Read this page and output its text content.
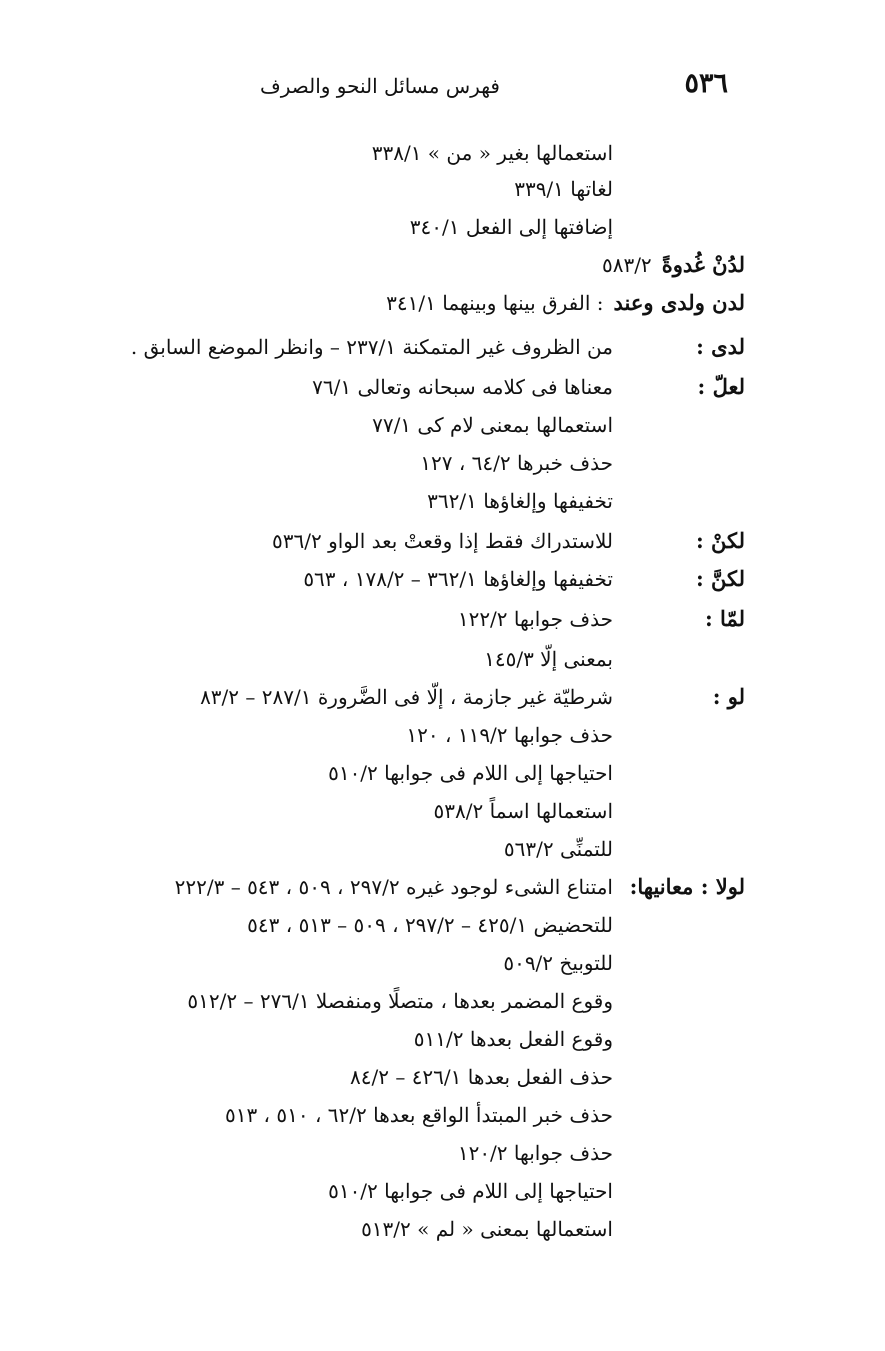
٥٣٦
فهرس مسائل النحو والصرف
استعمالها بغير « من » ٣٣٨/١
لغاتها ٣٣٩/١
إضافتها إلى الفعل ٣٤٠/١
لدُنْ غُدوةً٥٨٣/٢
لدن ولدى وعند: الفرق بينها وبينهما ٣٤١/١
لدى :
من الظروف غير المتمكنة ٢٣٧/١ – وانظر الموضع السابق .
لعلّ :
معناها فى كلامه سبحانه وتعالى ٧٦/١
استعمالها بمعنى لام كى ٧٧/١
حذف خبرها ٦٤/٢ ، ١٢٧
تخفيفها وإلغاؤها ٣٦٢/١
لكنْ :
للاستدراك فقط إذا وقعتْ بعد الواو ٥٣٦/٢
لكنَّ :
تخفيفها وإلغاؤها ٣٦٢/١ – ١٧٨/٢ ، ٥٦٣
لمّا :
حذف جوابها ١٢٢/٢
بمعنى إلّا ١٤٥/٣
لو :
شرطيّة غير جازمة ، إلّا فى الضَّرورة ٢٨٧/١ – ٨٣/٢
حذف جوابها ١١٩/٢ ، ١٢٠
احتياجها إلى اللام فى جوابها ٥١٠/٢
استعمالها اسماً ٥٣٨/٢
للتمنِّى ٥٦٣/٢
لولا : معانيها:
امتناع الشىء لوجود غيره ٢٩٧/٢ ، ٥٠٩ ، ٥٤٣ – ٢٢٢/٣
للتحضيض ٤٢٥/١ – ٢٩٧/٢ ، ٥٠٩ – ٥١٣ ، ٥٤٣
للتوبيخ ٥٠٩/٢
وقوع المضمر بعدها ، متصلًا ومنفصلا ٢٧٦/١ – ٥١٢/٢
وقوع الفعل بعدها ٥١١/٢
حذف الفعل بعدها ٤٢٦/١ – ٨٤/٢
حذف خبر المبتدأ الواقع بعدها ٦٢/٢ ، ٥١٠ ، ٥١٣
حذف جوابها ١٢٠/٢
احتياجها إلى اللام فى جوابها ٥١٠/٢
استعمالها بمعنى « لم » ٥١٣/٢
